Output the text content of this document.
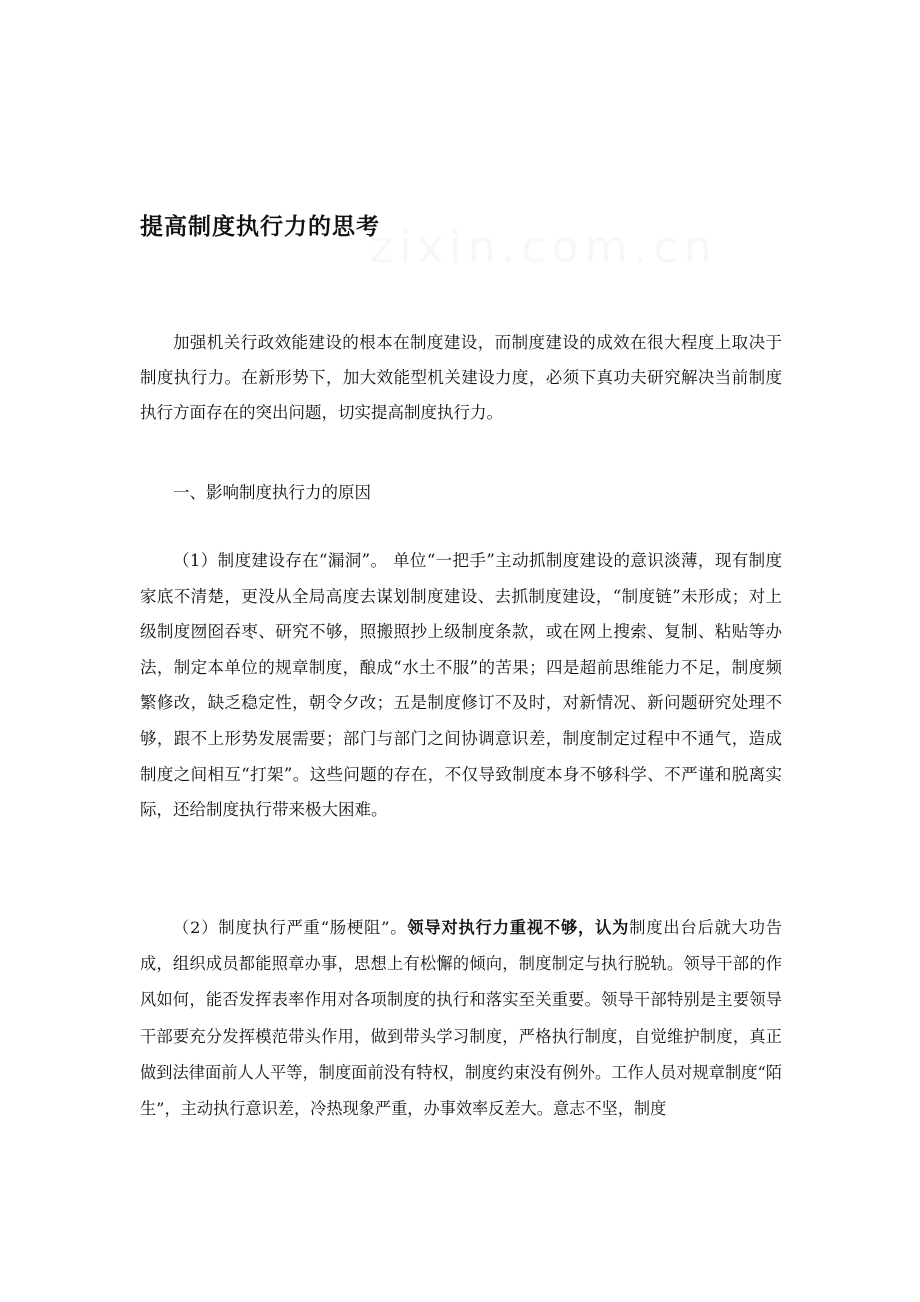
zixin.com.cn
提高制度执行力的思考

加强机关行政效能建设的根本在制度建设，而制度建设的成效在很大程度上取决于制度执行力。在新形势下，加大效能型机关建设力度，必须下真功夫研究解决当前制度执行方面存在的突出问题，切实提高制度执行力。

一、影响制度执行力的原因

（1）制度建设存在“漏洞”。 单位“一把手”主动抓制度建设的意识淡薄，现有制度家底不清楚，更没从全局高度去谋划制度建设、去抓制度建设，“制度链”未形成；对上级制度囫囵吞枣、研究不够，照搬照抄上级制度条款，或在网上搜索、复制、粘贴等办法，制定本单位的规章制度，酿成“水土不服”的苦果；四是超前思维能力不足，制度频繁修改，缺乏稳定性，朝令夕改；五是制度修订不及时，对新情况、新问题研究处理不够，跟不上形势发展需要；部门与部门之间协调意识差，制度制定过程中不通气，造成制度之间相互“打架”。这些问题的存在，不仅导致制度本身不够科学、不严谨和脱离实际，还给制度执行带来极大困难。

（2）制度执行严重“肠梗阻”。领导对执行力重视不够，认为制度出台后就大功告成，组织成员都能照章办事，思想上有松懈的倾向，制度制定与执行脱轨。领导干部的作风如何，能否发挥表率作用对各项制度的执行和落实至关重要。领导干部特别是主要领导干部要充分发挥模范带头作用，做到带头学习制度，严格执行制度，自觉维护制度，真正做到法律面前人人平等，制度面前没有特权，制度约束没有例外。工作人员对规章制度“陌生”，主动执行意识差，冷热现象严重，办事效率反差大。意志不坚，制度
